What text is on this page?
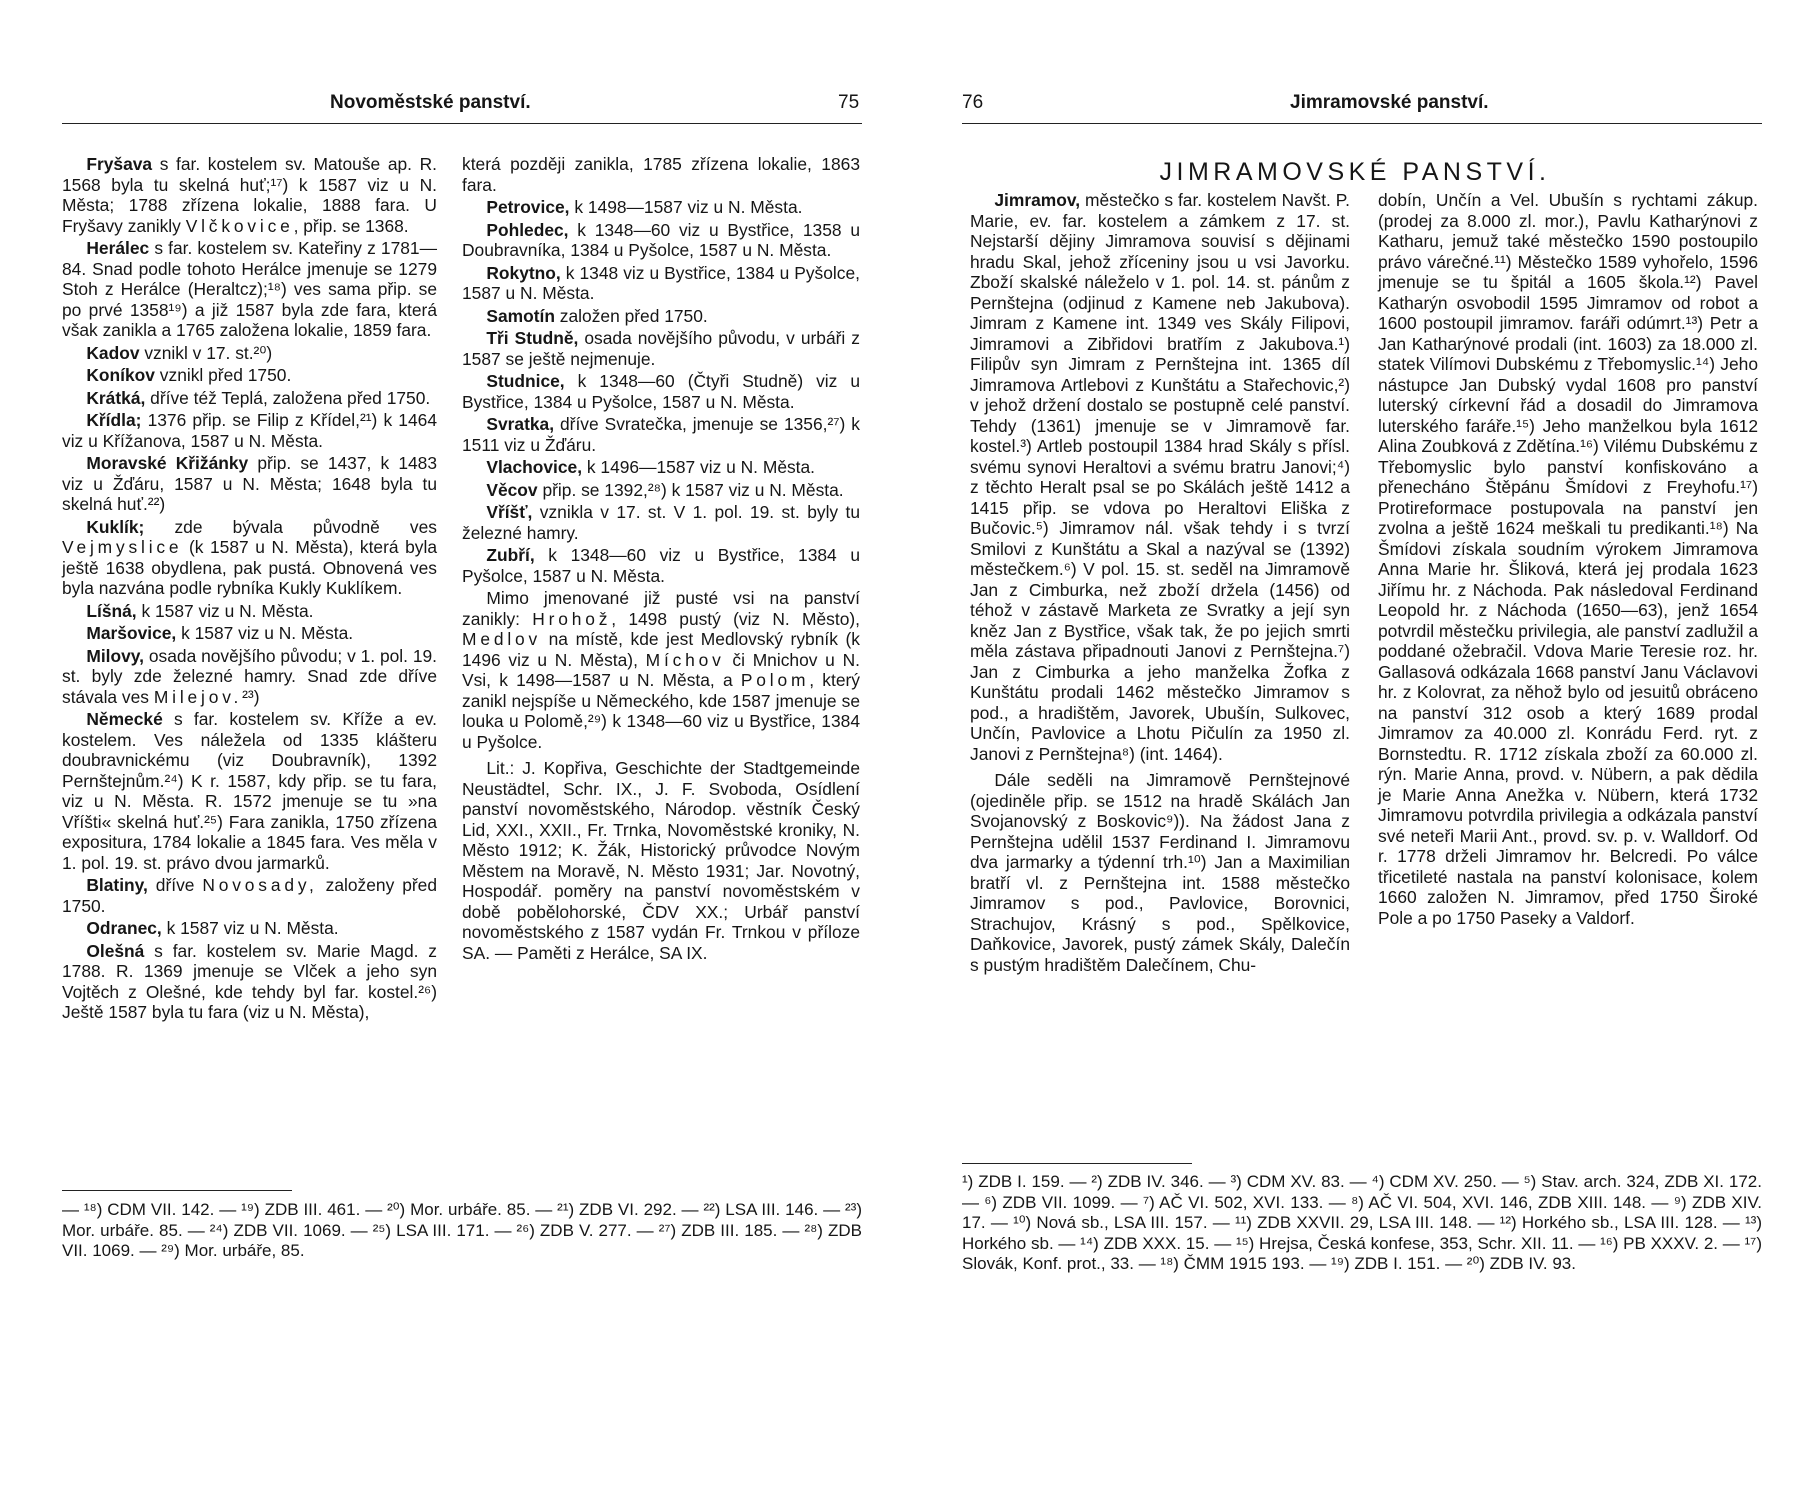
Novoměstské panství.	75

Fryšava s far. kostelem sv. Matouše ap. R. 1568 byla tu skelná huť;¹⁷) k 1587 viz u N. Města; 1788 zřízena lokalie, 1888 fara. U Fryšavy zanikly Vlčkovice, přip. se 1368.

Herálec s far. kostelem sv. Kateřiny z 1781—84. Snad podle tohoto Herálce jmenuje se 1279 Stoh z Herálce (Heraltcz);¹⁸) ves sama přip. se po prvé 1358¹⁹) a již 1587 byla zde fara, která však zanikla a 1765 založena lokalie, 1859 fara.

Kadov vznikl v 17. st.²⁰)

Koníkov vznikl před 1750.

Krátká, dříve též Teplá, založena před 1750.

Křídla; 1376 přip. se Filip z Křídel,²¹) k 1464 viz u Křížanova, 1587 u N. Města.

Moravské Křižánky přip. se 1437, k 1483 viz u Žďáru, 1587 u N. Města; 1648 byla tu skelná huť.²²)

Kuklík; zde bývala původně ves Vejmyslice (k 1587 u N. Města), která byla ještě 1638 obydlena, pak pustá. Obnovená ves byla nazvána podle rybníka Kukly Kuklíkem.

Líšná, k 1587 viz u N. Města.

Maršovice, k 1587 viz u N. Města.

Milovy, osada novějšího původu; v 1. pol. 19. st. byly zde železné hamry. Snad zde dříve stávala ves Milejov.²³)

Německé s far. kostelem sv. Kříže a ev. kostelem. Ves náležela od 1335 klášteru doubravnickému (viz Doubravník), 1392 Pernštejnům.²⁴) K r. 1587, kdy přip. se tu fara, viz u N. Města. R. 1572 jmenuje se tu »na Vříšti« skelná huť.²⁵) Fara zanikla, 1750 zřízena expositura, 1784 lokalie a 1845 fara. Ves měla v 1. pol. 19. st. právo dvou jarmarků.

Blatiny, dříve Novosady, založeny před 1750.

Odranec, k 1587 viz u N. Města.

Olešná s far. kostelem sv. Marie Magd. z 1788. R. 1369 jmenuje se Vlček a jeho syn Vojtěch z Olešné, kde tehdy byl far. kostel.²⁶) Ještě 1587 byla tu fara (viz u N. Města),

která později zanikla, 1785 zřízena lokalie, 1863 fara.

Petrovice, k 1498—1587 viz u N. Města.

Pohledec, k 1348—60 viz u Bystřice, 1358 u Doubravníka, 1384 u Pyšolce, 1587 u N. Města.

Rokytno, k 1348 viz u Bystřice, 1384 u Pyšolce, 1587 u N. Města.

Samotín založen před 1750.

Tři Studně, osada novějšího původu, v urbáři z 1587 se ještě nejmenuje.

Studnice, k 1348—60 (Čtyři Studně) viz u Bystřice, 1384 u Pyšolce, 1587 u N. Města.

Svratka, dříve Svratečka, jmenuje se 1356,²⁷) k 1511 viz u Žďáru.

Vlachovice, k 1496—1587 viz u N. Města.

Věcov přip. se 1392,²⁸) k 1587 viz u N. Města.

Vříšť, vznikla v 17. st. V 1. pol. 19. st. byly tu železné hamry.

Zubří, k 1348—60 viz u Bystřice, 1384 u Pyšolce, 1587 u N. Města.

Mimo jmenované již pusté vsi na panství zanikly: Hrohož, 1498 pustý (viz N. Město), Medlov na místě, kde jest Medlovský rybník (k 1496 viz u N. Města), Míchov či Mnichov u N. Vsi, k 1498—1587 u N. Města, a Polom, který zanikl nejspíše u Německého, kde 1587 jmenuje se louka u Polomě,²⁹) k 1348—60 viz u Bystřice, 1384 u Pyšolce.

Lit.: J. Kopřiva, Geschichte der Stadtgemeinde Neustädtel, Schr. IX., J. F. Svoboda, Osídlení panství novoměstského, Národop. věstník Český Lid, XXI., XXII., Fr. Trnka, Novoměstské kroniky, N. Město 1912; K. Žák, Historický průvodce Novým Městem na Moravě, N. Město 1931; Jar. Novotný, Hospodář. poměry na panství novoměstském v době pobělohorské, ČDV XX.; Urbář panství novoměstského z 1587 vydán Fr. Trnkou v příloze SA. — Paměti z Herálce, SA IX.

— ¹⁸) CDM VII. 142. — ¹⁹) ZDB III. 461. — ²⁰) Mor. urbáře. 85. — ²¹) ZDB VI. 292. — ²²) LSA III. 146. — ²³) Mor. urbáře. 85. — ²⁴) ZDB VII. 1069. — ²⁵) LSA III. 171. — ²⁶) ZDB V. 277. — ²⁷) ZDB III. 185. — ²⁸) ZDB VII. 1069. — ²⁹) Mor. urbáře, 85.
76	Jimramovské panství.
JIMRAMOVSKÉ PANSTVÍ.

Jimramov, městečko s far. kostelem Navšt. P. Marie, ev. far. kostelem a zámkem z 17. st. Nejstarší dějiny Jimramova souvisí s dějinami hradu Skal, jehož zříceniny jsou u vsi Javorku. Zboží skalské náleželo v 1. pol. 14. st. pánům z Pernštejna (odjinud z Kamene neb Jakubova). Jimram z Kamene int. 1349 ves Skály Filipovi, Jimramovi a Zibřidovi bratřím z Jakubova.¹) Filipův syn Jimram z Pernštejna int. 1365 díl Jimramova Artlebovi z Kunštátu a Stařechovic,²) v jehož držení dostalo se postupně celé panství. Tehdy (1361) jmenuje se v Jimramově far. kostel.³) Artleb postoupil 1384 hrad Skály s přísl. svému synovi Heraltovi a svému bratru Janovi;⁴) z těchto Heralt psal se po Skálách ještě 1412 a 1415 přip. se vdova po Heraltovi Eliška z Bučovic.⁵) Jimramov nál. však tehdy i s tvrzí Smilovi z Kunštátu a Skal a nazýval se (1392) městečkem.⁶) V pol. 15. st. seděl na Jimramově Jan z Cimburka, než zboží držela (1456) od téhož v zástavě Marketa ze Svratky a její syn kněz Jan z Bystřice, však tak, že po jejich smrti měla zástava připadnouti Janovi z Pernštejna.⁷) Jan z Cimburka a jeho manželka Žofka z Kunštátu prodali 1462 městečko Jimramov s pod., a hradištěm, Javorek, Ubušín, Sulkovec, Unčín, Pavlovice a Lhotu Pičulín za 1950 zl. Janovi z Pernštejna⁸) (int. 1464).

Dále seděli na Jimramově Pernštejnové (ojediněle přip. se 1512 na hradě Skálách Jan Svojanovský z Boskovic⁹)). Na žádost Jana z Pernštejna udělil 1537 Ferdinand I. Jimramovu dva jarmarky a týdenní trh.¹⁰) Jan a Maximilian bratří vl. z Pernštejna int. 1588 městečko Jimramov s pod., Pavlovice, Borovnici, Strachujov, Krásný s pod., Spělkovice, Daňkovice, Javorek, pustý zámek Skály, Dalečín s pustým hradištěm Dalečínem, Chu-

dobín, Unčín a Vel. Ubušín s rychtami zákup. (prodej za 8.000 zl. mor.), Pavlu Katharýnovi z Katharu, jemuž také městečko 1590 postoupilo právo várečné.¹¹) Městečko 1589 vyhořelo, 1596 jmenuje se tu špitál a 1605 škola.¹²) Pavel Katharýn osvobodil 1595 Jimramov od robot a 1600 postoupil jimramov. faráři odúmrt.¹³) Petr a Jan Katharýnové prodali (int. 1603) za 18.000 zl. statek Vilímovi Dubskému z Třebomyslic.¹⁴) Jeho nástupce Jan Dubský vydal 1608 pro panství luterský církevní řád a dosadil do Jimramova luterského faráře.¹⁵) Jeho manželkou byla 1612 Alina Zoubková z Zdětína.¹⁶) Vilému Dubskému z Třebomyslic bylo panství konfiskováno a přenecháno Štěpánu Šmídovi z Freyhofu.¹⁷) Protireformace postupovala na panství jen zvolna a ještě 1624 meškali tu predikanti.¹⁸) Na Šmídovi získala soudním výrokem Jimramova Anna Marie hr. Šliková, která jej prodala 1623 Jiřímu hr. z Náchoda. Pak následoval Ferdinand Leopold hr. z Náchoda (1650—63), jenž 1654 potvrdil městečku privilegia, ale panství zadlužil a poddané ožebračil. Vdova Marie Teresie roz. hr. Gallasová odkázala 1668 panství Janu Václavovi hr. z Kolovrat, za něhož bylo od jesuitů obráceno na panství 312 osob a který 1689 prodal Jimramov za 40.000 zl. Konrádu Ferd. ryt. z Bornstedtu. R. 1712 získala zboží za 60.000 zl. rýn. Marie Anna, provd. v. Nübern, a pak dědila je Marie Anna Anežka v. Nübern, která 1732 Jimramovu potvrdila privilegia a odkázala panství své neteři Marii Ant., provd. sv. p. v. Walldorf. Od r. 1778 drželi Jimramov hr. Belcredi. Po válce třicetileté nastala na panství kolonisace, kolem 1660 založen N. Jimramov, před 1750 Široké Pole a po 1750 Paseky a Valdorf.

¹) ZDB I. 159. — ²) ZDB IV. 346. — ³) CDM XV. 83. — ⁴) CDM XV. 250. — ⁵) Stav. arch. 324, ZDB XI. 172. — ⁶) ZDB VII. 1099. — ⁷) AČ VI. 502, XVI. 133. — ⁸) AČ VI. 504, XVI. 146, ZDB XIII. 148. — ⁹) ZDB XIV. 17. — ¹⁰) Nová sb., LSA III. 157. — ¹¹) ZDB XXVII. 29, LSA III. 148. — ¹²) Horkého sb., LSA III. 128. — ¹³) Horkého sb. — ¹⁴) ZDB XXX. 15. — ¹⁵) Hrejsa, Česká konfese, 353, Schr. XII. 11. — ¹⁶) PB XXXV. 2. — ¹⁷) Slovák, Konf. prot., 33. — ¹⁸) ČMM 1915 193. — ¹⁹) ZDB I. 151. — ²⁰) ZDB IV. 93.
